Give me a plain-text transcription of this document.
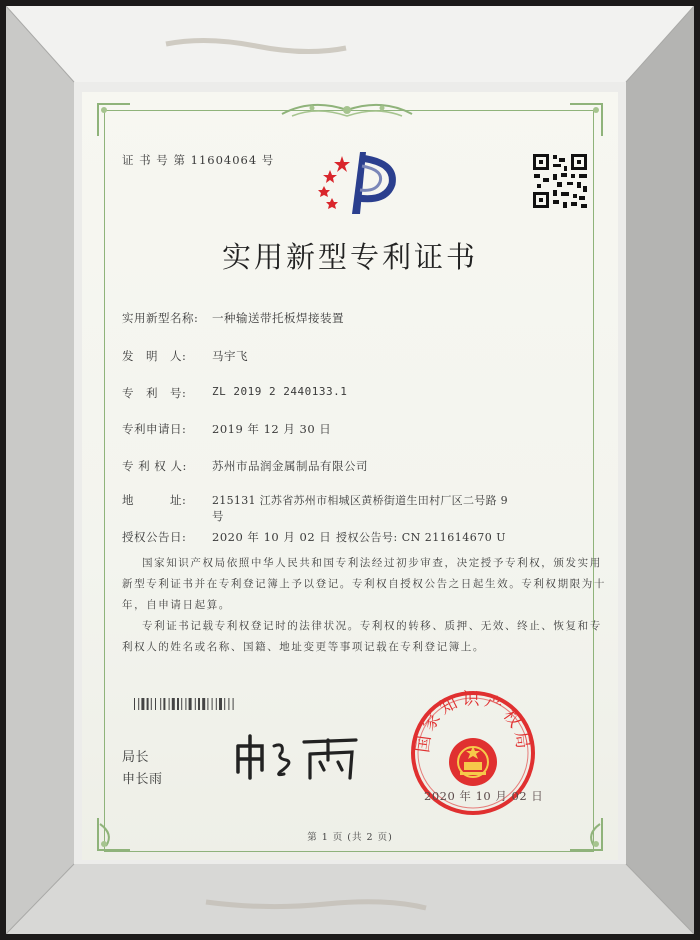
证 书 号 第 11604064 号
实用新型专利证书
实用新型名称: 一种输送带托板焊接装置
发　明　人: 马宇飞
专　利　号: ZL 2019 2 2440133.1
专利申请日: 2019 年 12 月 30 日
专 利 权 人: 苏州市品润金属制品有限公司
地　　　址: 215131 江苏省苏州市相城区黄桥街道生田村厂区二号路 9
号
授权公告日: 2020 年 10 月 02 日 授权公告号: CN 211614670 U
国家知识产权局依照中华人民共和国专利法经过初步审查，决定授予专利权，颁发实用
新型专利证书并在专利登记簿上予以登记。专利权自授权公告之日起生效。专利权期限为十
年，自申请日起算。
专利证书记载专利权登记时的法律状况。专利权的转移、质押、无效、终止、恢复和专
利权人的姓名或名称、国籍、地址变更等事项记载在专利登记簿上。
局长
申长雨
国家知识产权局
2020 年 10 月 02 日
第 1 页 (共 2 页)
